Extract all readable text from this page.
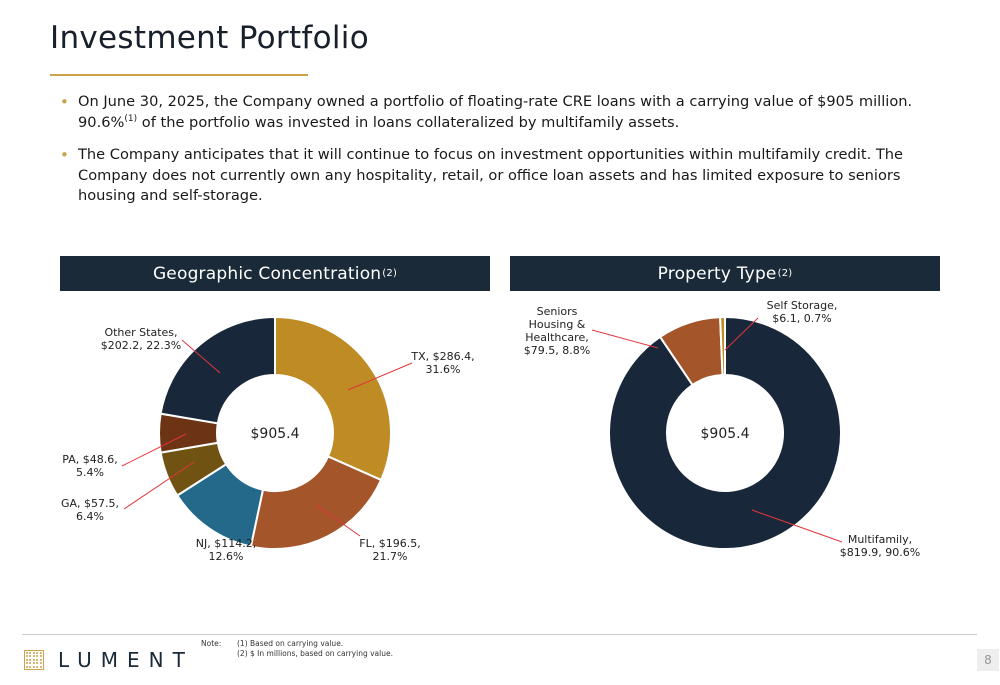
Investment Portfolio
• On June 30, 2025, the Company owned a portfolio of floating-rate CRE loans with a carrying value of $905 million. 90.6%$^{(1)}$ of the portfolio was invested in loans collateralized by multifamily assets.
• The Company anticipates that it will continue to focus on investment opportunities within multifamily credit. The Company does not currently own any hospitality, retail, or office loan assets and has limited exposure to seniors housing and self-storage.
Geographic Concentration (2)	Property Type (2)
TX, $286.4, 31.6%
FL, $196.5, 21.7%
NJ, $114.2, 12.6%
GA, $57.5, 6.4%
PA, $48.6, 5.4%
Other States, $202.2, 22.3%
$905.4
Multifamily, $819.9, 90.6%
Seniors Housing & Healthcare, $79.5, 8.8%
Self Storage, $6.1, 0.7%
$905.4
LUMENT
Note: (1) Based on carrying value.
(2) $ In millions, based on carrying value.	8
